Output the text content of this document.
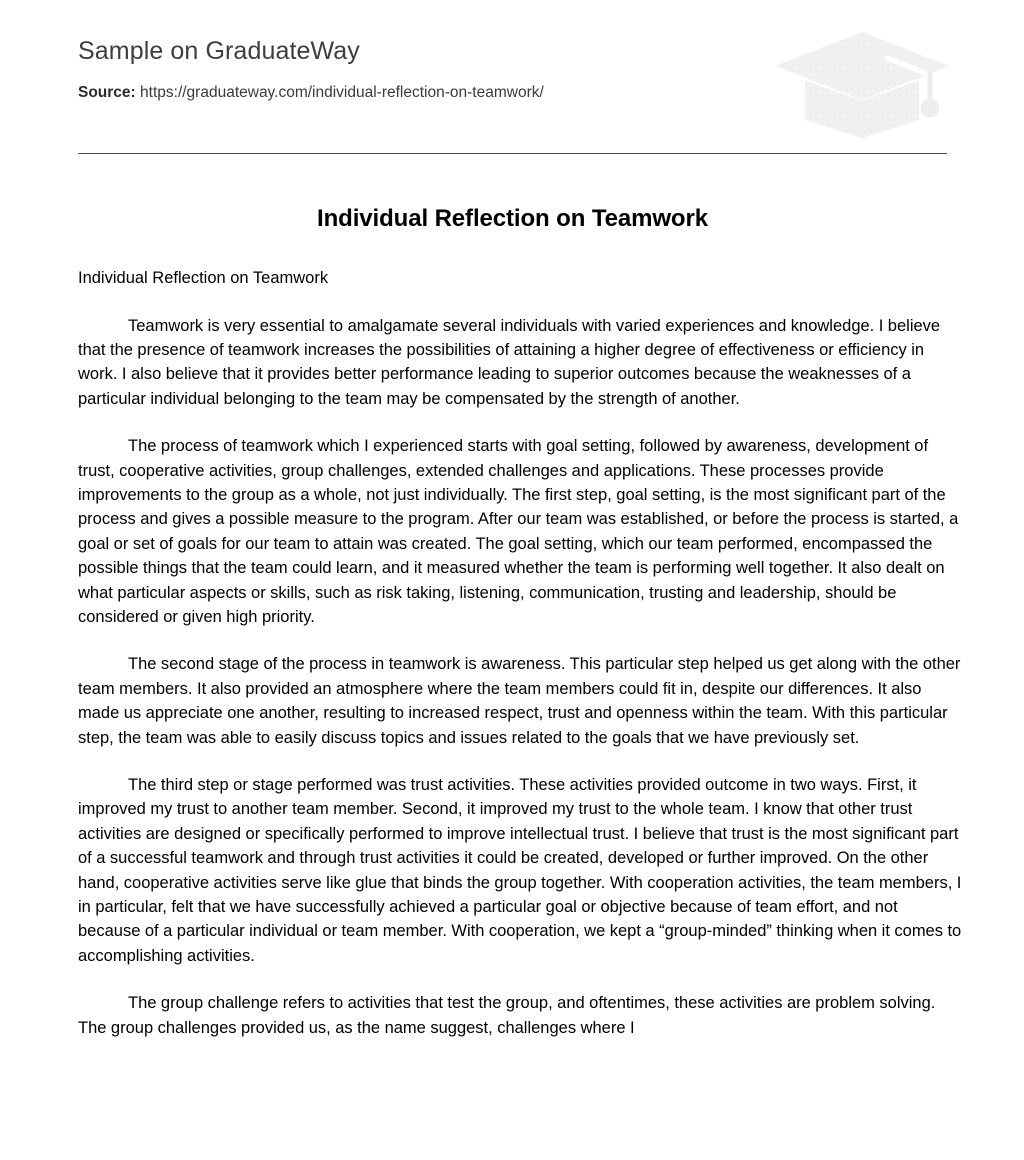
Sample on GraduateWay
Source: https://graduateway.com/individual-reflection-on-teamwork/
Individual Reflection on Teamwork
Individual Reflection on Teamwork

Teamwork is very essential to amalgamate several individuals with varied experiences and knowledge. I believe that the presence of teamwork increases the possibilities of attaining a higher degree of effectiveness or efficiency in work. I also believe that it provides better performance leading to superior outcomes because the weaknesses of a particular individual belonging to the team may be compensated by the strength of another.

The process of teamwork which I experienced starts with goal setting, followed by awareness, development of trust, cooperative activities, group challenges, extended challenges and applications. These processes provide improvements to the group as a whole, not just individually. The first step, goal setting, is the most significant part of the process and gives a possible measure to the program. After our team was established, or before the process is started, a goal or set of goals for our team to attain was created. The goal setting, which our team performed, encompassed the possible things that the team could learn, and it measured whether the team is performing well together. It also dealt on what particular aspects or skills, such as risk taking, listening, communication, trusting and leadership, should be considered or given high priority.

The second stage of the process in teamwork is awareness. This particular step helped us get along with the other team members. It also provided an atmosphere where the team members could fit in, despite our differences. It also made us appreciate one another, resulting to increased respect, trust and openness within the team. With this particular step, the team was able to easily discuss topics and issues related to the goals that we have previously set.

The third step or stage performed was trust activities. These activities provided outcome in two ways. First, it improved my trust to another team member. Second, it improved my trust to the whole team. I know that other trust activities are designed or specifically performed to improve intellectual trust. I believe that trust is the most significant part of a successful teamwork and through trust activities it could be created, developed or further improved. On the other hand, cooperative activities serve like glue that binds the group together. With cooperation activities, the team members, I in particular, felt that we have successfully achieved a particular goal or objective because of team effort, and not because of a particular individual or team member. With cooperation, we kept a “group-minded” thinking when it comes to accomplishing activities.

The group challenge refers to activities that test the group, and oftentimes, these activities are problem solving. The group challenges provided us, as the name suggest, challenges where I
